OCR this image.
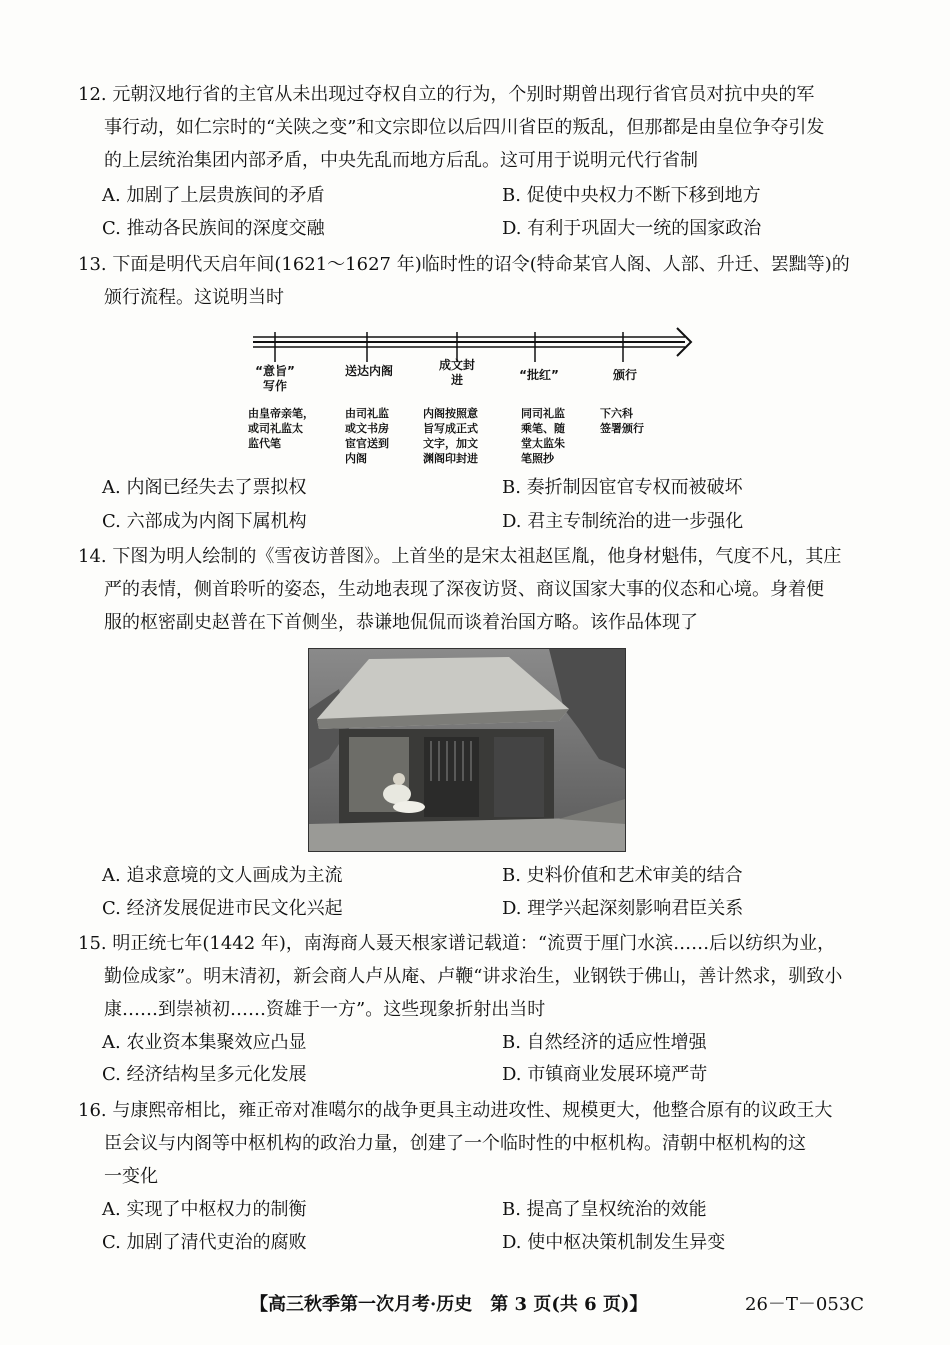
12. 元朝汉地行省的主官从未出现过夺权自立的行为，个别时期曾出现行省官员对抗中央的军
事行动，如仁宗时的“关陕之变”和文宗即位以后四川省臣的叛乱，但那都是由皇位争夺引发
的上层统治集团内部矛盾，中央先乱而地方后乱。这可用于说明元代行省制
A. 加剧了上层贵族间的矛盾	B. 促使中央权力不断下移到地方
C. 推动各民族间的深度交融	D. 有利于巩固大一统的国家政治
13. 下面是明代天启年间(1621～1627 年)临时性的诏令(特命某官人阁、人部、升迁、罢黜等)的
颁行流程。这说明当时
“意旨”
写作
送达内阁	成文封
进	“批红”	颁行
由皇帝亲笔，
或司礼监太
监代笔
由司礼监
或文书房
宦官送到
内阁
内阁按照意
旨写成正式
文字，加文
渊阁印封进
同司礼监
乘笔、随
堂太监朱
笔照抄
下六科
签署颁行
A. 内阁已经失去了票拟权	B. 奏折制因宦官专权而被破坏
C. 六部成为内阁下属机构	D. 君主专制统治的进一步强化
14. 下图为明人绘制的《雪夜访普图》。上首坐的是宋太祖赵匡胤，他身材魁伟，气度不凡，其庄
严的表情，侧首聆听的姿态，生动地表现了深夜访贤、商议国家大事的仪态和心境。身着便
服的枢密副史赵普在下首侧坐，恭谦地侃侃而谈着治国方略。该作品体现了
A. 追求意境的文人画成为主流	B. 史料价值和艺术审美的结合
C. 经济发展促进市民文化兴起	D. 理学兴起深刻影响君臣关系
15. 明正统七年(1442 年)，南海商人聂天根家谱记载道：“流贾于厘门水滨……后以纺织为业，
勤俭成家”。明末清初，新会商人卢从庵、卢鞭“讲求治生，业钢铁于佛山，善计然求，驯致小
康……到崇祯初……资雄于一方”。这些现象折射出当时
A. 农业资本集聚效应凸显	B. 自然经济的适应性增强
C. 经济结构呈多元化发展	D. 市镇商业发展环境严苛
16. 与康熙帝相比，雍正帝对准噶尔的战争更具主动进攻性、规模更大，他整合原有的议政王大
臣会议与内阁等中枢机构的政治力量，创建了一个临时性的中枢机构。清朝中枢机构的这
一变化
A. 实现了中枢权力的制衡	B. 提高了皇权统治的效能
C. 加剧了清代吏治的腐败	D. 使中枢决策机制发生异变
【高三秋季第一次月考·历史　第 3 页(共 6 页)】	26－T－053C
